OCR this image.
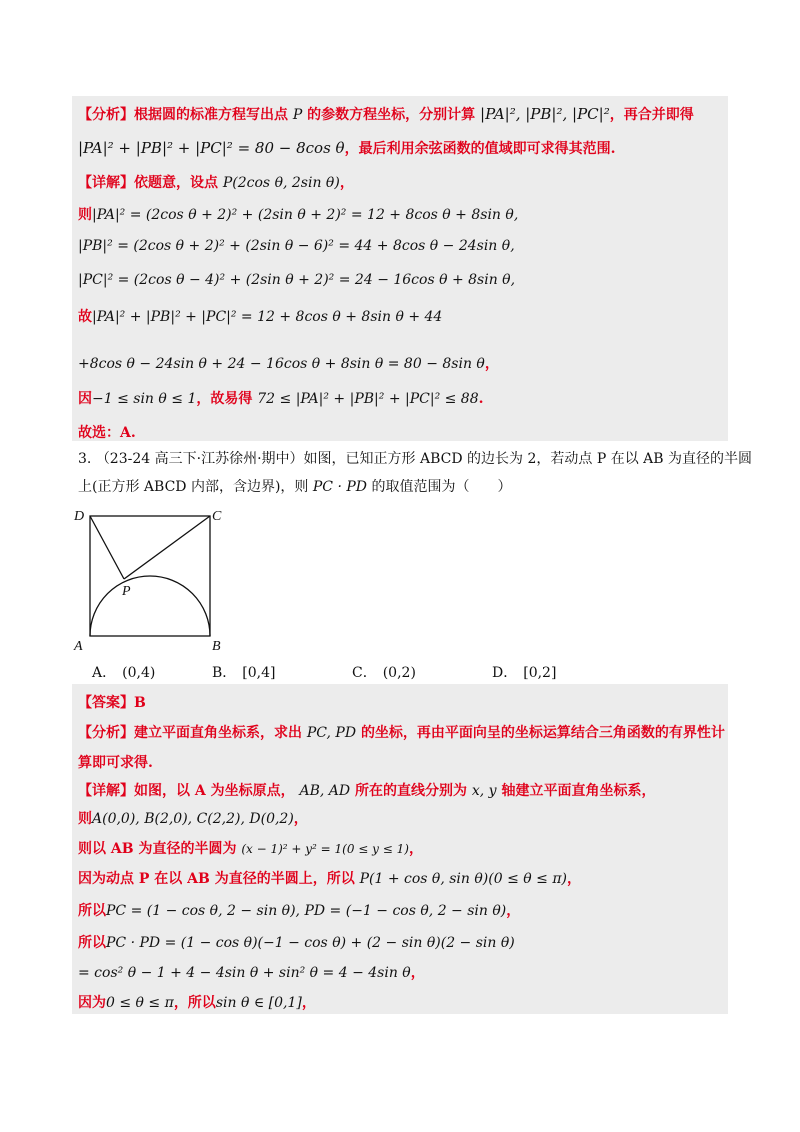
【分析】根据圆的标准方程写出点 P 的参数方程坐标，分别计算 |PA|², |PB|², |PC|²，再合并即得
|PA|² + |PB|² + |PC|² = 80 − 8cos θ，最后利用余弦函数的值域即可求得其范围.
【详解】依题意，设点 P(2cos θ, 2sin θ)，
则|PA|² = (2cos θ + 2)² + (2sin θ + 2)² = 12 + 8cos θ + 8sin θ,
|PB|² = (2cos θ + 2)² + (2sin θ − 6)² = 44 + 8cos θ − 24sin θ,
|PC|² = (2cos θ − 4)² + (2sin θ + 2)² = 24 − 16cos θ + 8sin θ,
故|PA|² + |PB|² + |PC|² = 12 + 8cos θ + 8sin θ + 44
+8cos θ − 24sin θ + 24 − 16cos θ + 8sin θ = 80 − 8sin θ，
因−1 ≤ sin θ ≤ 1，故易得 72 ≤ |PA|² + |PB|² + |PC|² ≤ 88.
故选：A.
3. （23-24 高三下·江苏徐州·期中）如图，已知正方形 ABCD 的边长为 2，若动点 P 在以 AB 为直径的半圆
上(正方形 ABCD 内部，含边界)，则 PC · PD 的取值范围为（　　）
D	C
A	B
P
A． (0,4)	B． [0,4]	C． (0,2)	D． [0,2]
【答案】B
【分析】建立平面直角坐标系，求出 PC, PD 的坐标，再由平面向呈的坐标运算结合三角函数的有界性计
算即可求得.
【详解】如图，以 A 为坐标原点， AB, AD 所在的直线分别为 x, y 轴建立平面直角坐标系，
则A(0,0), B(2,0), C(2,2), D(0,2)，
则以 AB 为直径的半圆为 (x − 1)² + y² = 1(0 ≤ y ≤ 1)，
因为动点 P 在以 AB 为直径的半圆上，所以 P(1 + cos θ, sin θ)(0 ≤ θ ≤ π)，
所以PC = (1 − cos θ, 2 − sin θ), PD = (−1 − cos θ, 2 − sin θ)，
所以PC · PD = (1 − cos θ)(−1 − cos θ) + (2 − sin θ)(2 − sin θ)
= cos² θ − 1 + 4 − 4sin θ + sin² θ = 4 − 4sin θ，
因为0 ≤ θ ≤ π，所以sin θ ∈ [0,1]，
